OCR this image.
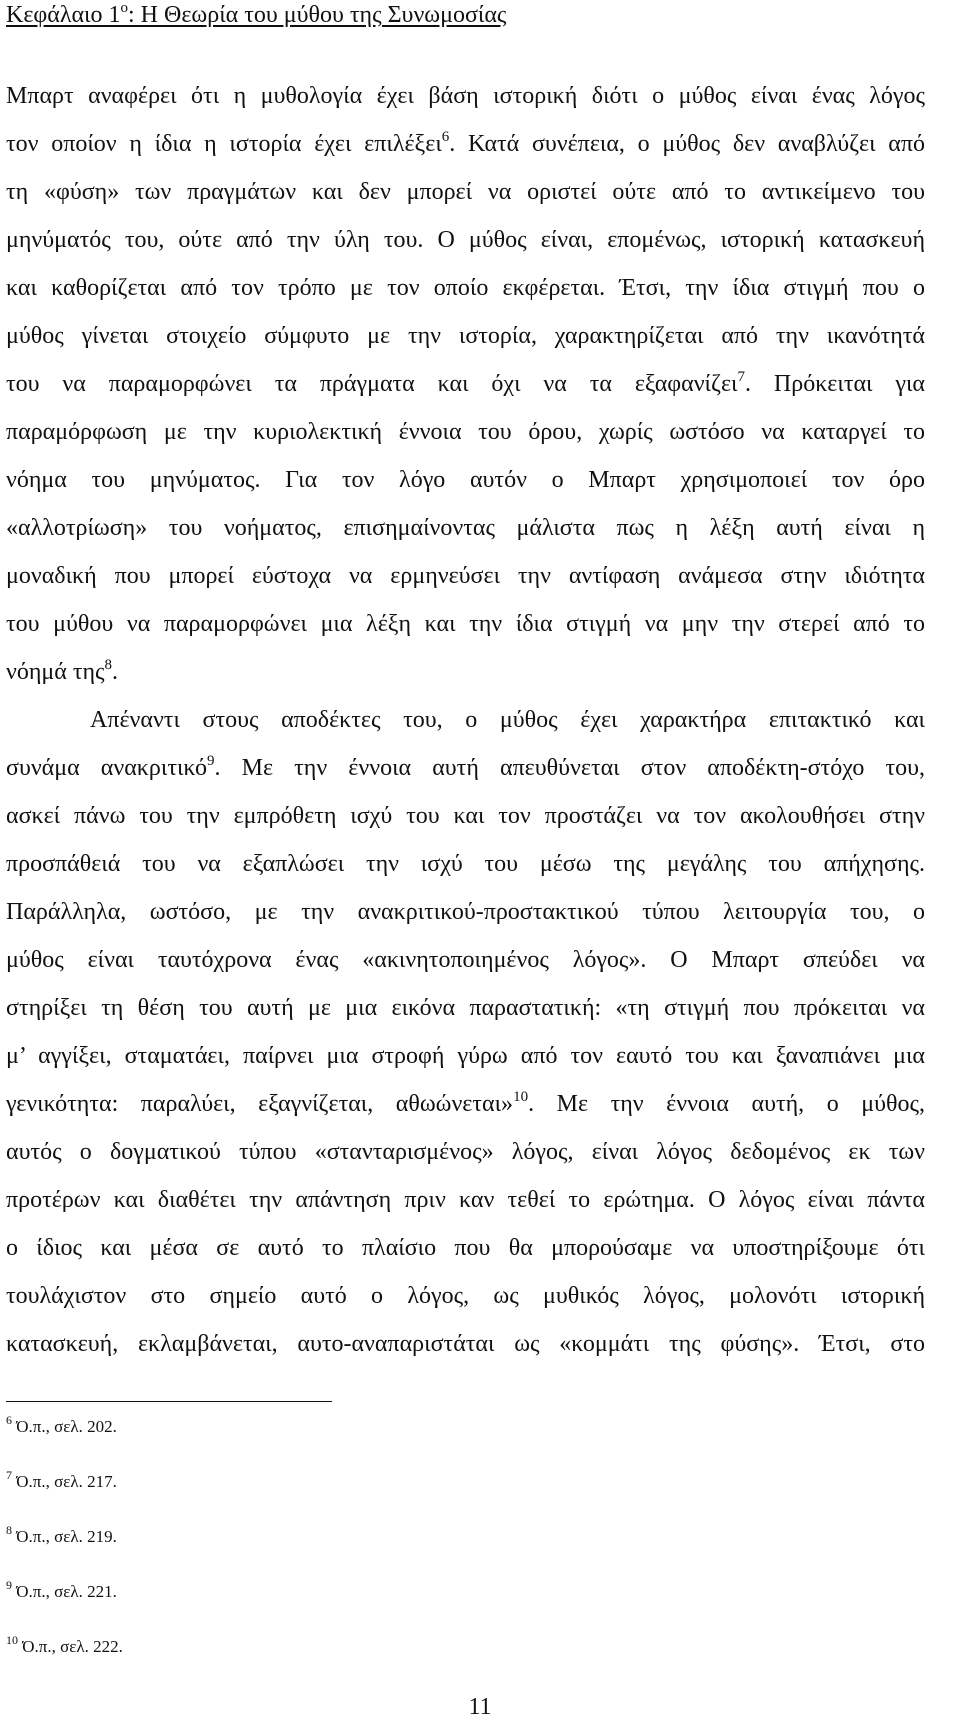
Κεφάλαιο $1^o$: Η Θεωρία του μύθου της Συνωμοσίας
Μπαρτ αναφέρει ότι η μυθολογία έχει βάση ιστορική διότι ο μύθος είναι ένας λόγος
τον οποίον η ίδια η ιστορία έχει επιλέξει$^6$. Κατά συνέπεια, ο μύθος δεν αναβλύζει από
τη «φύση» των πραγμάτων και δεν μπορεί να οριστεί ούτε από το αντικείμενο του
μηνύματός του, ούτε από την ύλη του. Ο μύθος είναι, επομένως, ιστορική κατασκευή
και καθορίζεται από τον τρόπο με τον οποίο εκφέρεται. Έτσι, την ίδια στιγμή που ο
μύθος γίνεται στοιχείο σύμφυτο με την ιστορία, χαρακτηρίζεται από την ικανότητά
του να παραμορφώνει τα πράγματα και όχι να τα εξαφανίζει$^7$. Πρόκειται για
παραμόρφωση με την κυριολεκτική έννοια του όρου, χωρίς ωστόσο να καταργεί το
νόημα του μηνύματος. Για τον λόγο αυτόν ο Μπαρτ χρησιμοποιεί τον όρο
«αλλοτρίωση» του νοήματος, επισημαίνοντας μάλιστα πως η λέξη αυτή είναι η
μοναδική που μπορεί εύστοχα να ερμηνεύσει την αντίφαση ανάμεσα στην ιδιότητα
του μύθου να παραμορφώνει μια λέξη και την ίδια στιγμή να μην την στερεί από το
νόημά της$^8$.
Απέναντι στους αποδέκτες του, ο μύθος έχει χαρακτήρα επιτακτικό και
συνάμα ανακριτικό$^9$. Με την έννοια αυτή απευθύνεται στον αποδέκτη-στόχο του,
ασκεί πάνω του την εμπρόθετη ισχύ του και τον προστάζει να τον ακολουθήσει στην
προσπάθειά του να εξαπλώσει την ισχύ του μέσω της μεγάλης του απήχησης.
Παράλληλα, ωστόσο, με την ανακριτικού-προστακτικού τύπου λειτουργία του, ο
μύθος είναι ταυτόχρονα ένας «ακινητοποιημένος λόγος». Ο Μπαρτ σπεύδει να
στηρίξει τη θέση του αυτή με μια εικόνα παραστατική: «τη στιγμή που πρόκειται να
μ’ αγγίξει, σταματάει, παίρνει μια στροφή γύρω από τον εαυτό του και ξαναπιάνει μια
γενικότητα: παραλύει, εξαγνίζεται, αθωώνεται»$^{10}$. Με την έννοια αυτή, ο μύθος,
αυτός ο δογματικού τύπου «στανταρισμένος» λόγος, είναι λόγος δεδομένος εκ των
προτέρων και διαθέτει την απάντηση πριν καν τεθεί το ερώτημα. Ο λόγος είναι πάντα
ο ίδιος και μέσα σε αυτό το πλαίσιο που θα μπορούσαμε να υποστηρίξουμε ότι
τουλάχιστον στο σημείο αυτό ο λόγος, ως μυθικός λόγος, μολονότι ιστορική
κατασκευή, εκλαμβάνεται, αυτο-αναπαριστάται ως «κομμάτι της φύσης». Έτσι, στο
$^6$ Ό.π., σελ. 202.
$^7$ Ό.π., σελ. 217.
$^8$ Ό.π., σελ. 219.
$^9$ Ό.π., σελ. 221.
$^{10}$ Ό.π., σελ. 222.
11
